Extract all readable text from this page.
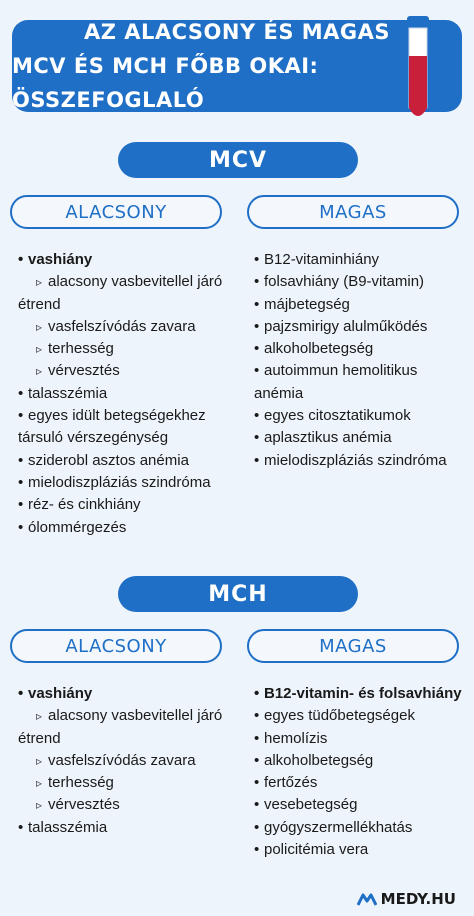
AZ ALACSONY ÉS MAGAS
MCV ÉS MCH FŐBB OKAI: ÖSSZEFOGLALÓ
MCV
ALACSONY	MAGAS
• vashiány
▹ alacsony vasbevitellel járó
étrend
▹ vasfelszívódás zavara
▹ terhesség
▹ vérvesztés
• talasszémia
• egyes idült betegségekhez
társuló vérszegénység
• sziderobl asztos anémia
• mielodiszpláziás szindróma
• réz- és cinkhiány
• ólommérgezés
• B12-vitaminhiány
• folsavhiány (B9-vitamin)
• májbetegség
• pajzsmirigy alulműködés
• alkoholbetegség
• autoimmun hemolitikus
anémia
• egyes citosztatikumok
• aplasztikus anémia
• mielodiszpláziás szindróma
MCH
ALACSONY	MAGAS
• vashiány
▹ alacsony vasbevitellel járó
étrend
▹ vasfelszívódás zavara
▹ terhesség
▹ vérvesztés
• talasszémia
• B12-vitamin- és folsavhiány
• egyes tüdőbetegségek
• hemolízis
• alkoholbetegség
• fertőzés
• vesebetegség
• gyógyszermellékhatás
• policitémia vera
MEDY.HU
